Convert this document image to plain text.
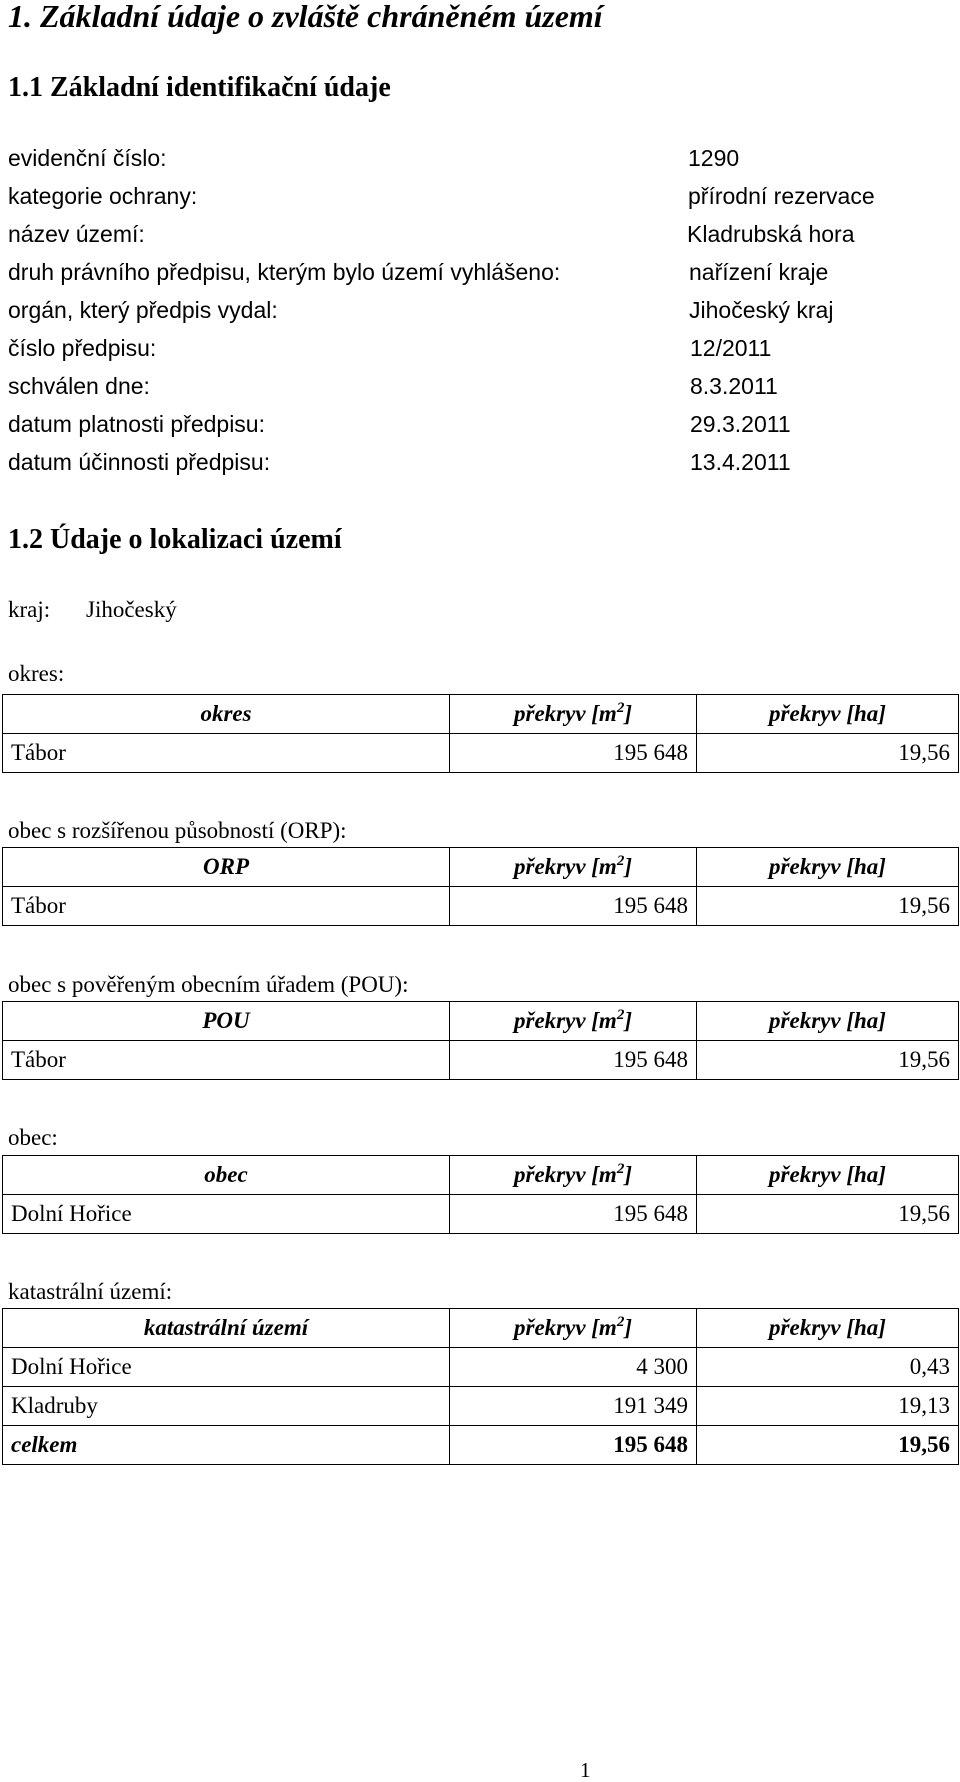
1. Základní údaje o zvláště chráněném území
1.1 Základní identifikační údaje
evidenční číslo:	1290
kategorie ochrany:	přírodní rezervace
název území:	Kladrubská hora
druh právního předpisu, kterým bylo území vyhlášeno:	nařízení kraje
orgán, který předpis vydal:	Jihočeský kraj
číslo předpisu:	12/2011
schválen dne:	8.3.2011
datum platnosti předpisu:	29.3.2011
datum účinnosti předpisu:	13.4.2011
1.2 Údaje o lokalizaci území
kraj: Jihočeský
okres:
okres	překryv $[m^2]$	překryv [ha]
Tábor	195 648	19,56
obec s rozšířenou působností (ORP):
ORP	překryv $[m^2]$	překryv [ha]
Tábor	195 648	19,56
obec s pověřeným obecním úřadem (POU):
POU	překryv $[m^2]$	překryv [ha]
Tábor	195 648	19,56
obec:
obec	překryv $[m^2]$	překryv [ha]
Dolní Hořice	195 648	19,56
katastrální území:
katastrální území	překryv $[m^2]$	překryv [ha]
Dolní Hořice	4 300	0,43
Kladruby	191 349	19,13
celkem	195 648	19,56
1
